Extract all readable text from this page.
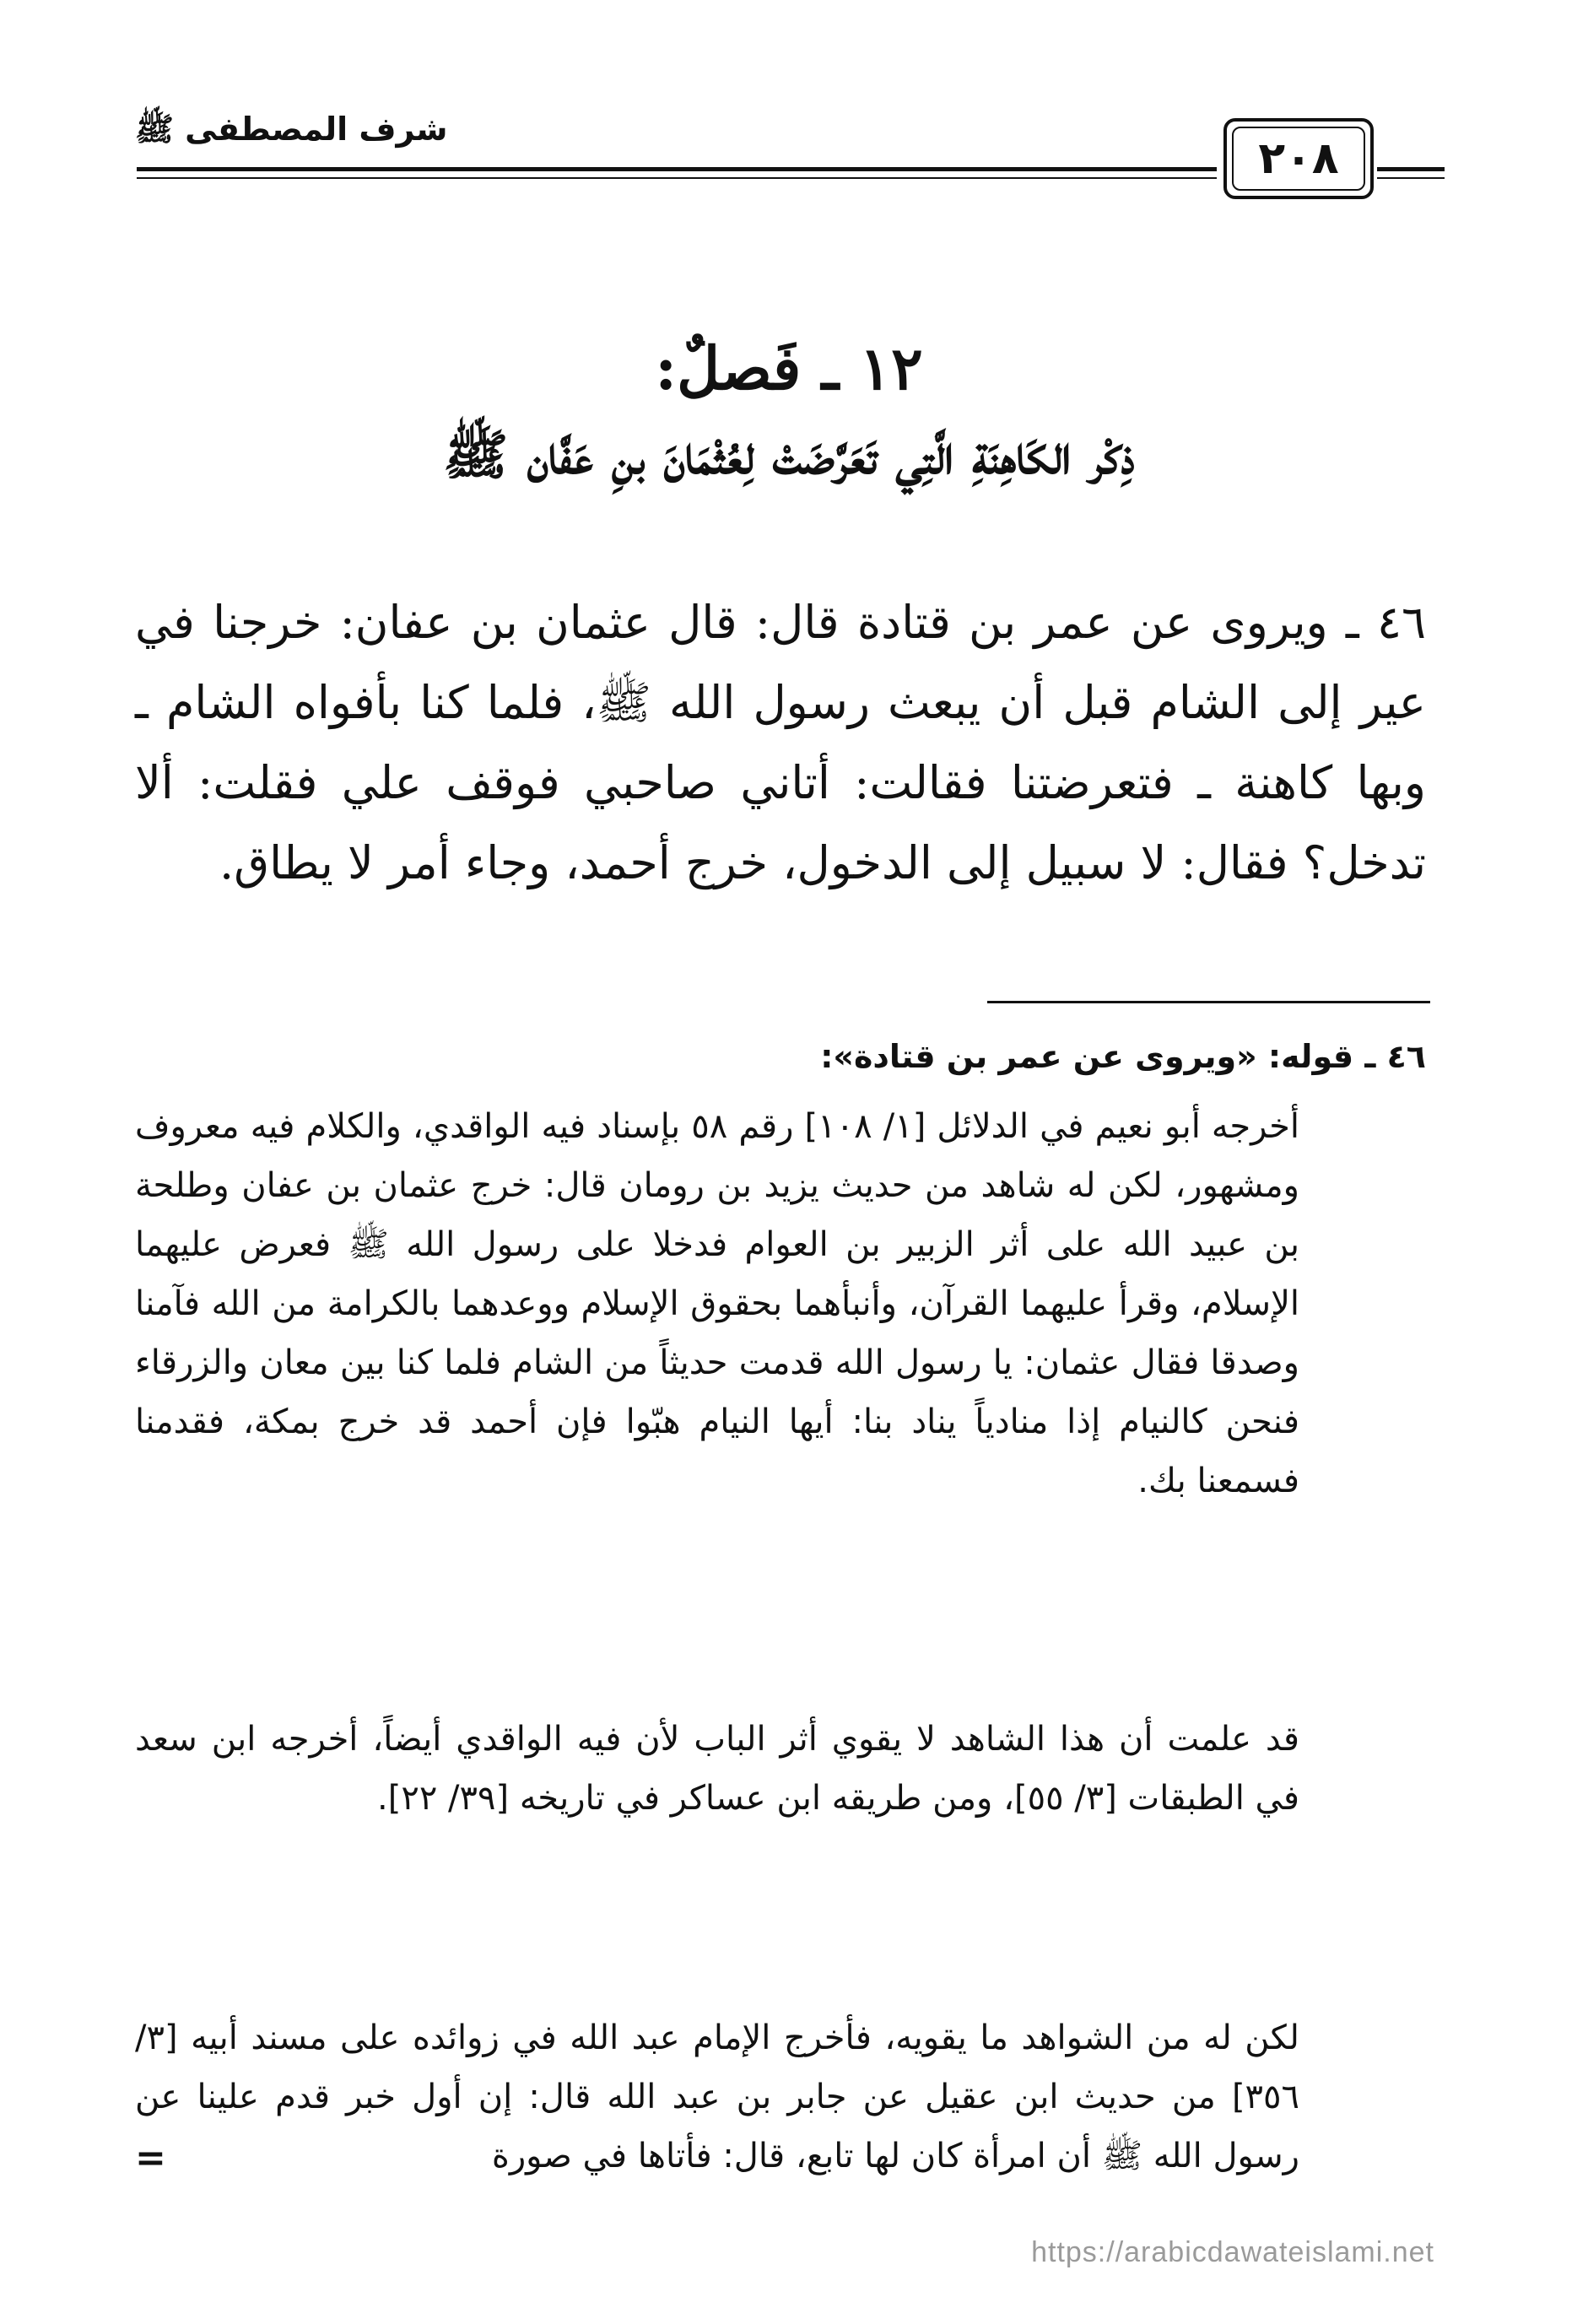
شرف المصطفى ﷺ
٢٠٨
١٢ ـ فَصلٌ:
ذِكْر الكَاهِنَةِ الَّتِي تَعَرَّضَتْ لِعُثْمَانَ بنِ عَفَّان ﷺ

٤٦ ـ ويروى عن عمر بن قتادة قال: قال عثمان بن عفان: خرجنا في عير إلى الشام قبل أن يبعث رسول الله ﷺ، فلما كنا بأفواه الشام ـ وبها كاهنة ـ فتعرضتنا فقالت: أتاني صاحبي فوقف علي فقلت: ألا تدخل؟ فقال: لا سبيل إلى الدخول، خرج أحمد، وجاء أمر لا يطاق.

٤٦ ـ قوله: «ويروى عن عمر بن قتادة»:

أخرجه أبو نعيم في الدلائل [١/ ١٠٨] رقم ٥٨ بإسناد فيه الواقدي، والكلام فيه معروف ومشهور، لكن له شاهد من حديث يزيد بن رومان قال: خرج عثمان بن عفان وطلحة بن عبيد الله على أثر الزبير بن العوام فدخلا على رسول الله ﷺ فعرض عليهما الإسلام، وقرأ عليهما القرآن، وأنبأهما بحقوق الإسلام ووعدهما بالكرامة من الله فآمنا وصدقا فقال عثمان: يا رسول الله قدمت حديثاً من الشام فلما كنا بين معان والزرقاء فنحن كالنيام إذا منادياً يناد بنا: أيها النيام هبّوا فإن أحمد قد خرج بمكة، فقدمنا فسمعنا بك.

قد علمت أن هذا الشاهد لا يقوي أثر الباب لأن فيه الواقدي أيضاً، أخرجه ابن سعد في الطبقات [٣/ ٥٥]، ومن طريقه ابن عساكر في تاريخه [٣٩/ ٢٢].

لكن له من الشواهد ما يقويه، فأخرج الإمام عبد الله في زوائده على مسند أبيه [٣/ ٣٥٦] من حديث ابن عقيل عن جابر بن عبد الله قال: إن أول خبر قدم علينا عن رسول الله ﷺ أن امرأة كان لها تابع، قال: فأتاها في صورة

=
https://arabicdawateislami.net
